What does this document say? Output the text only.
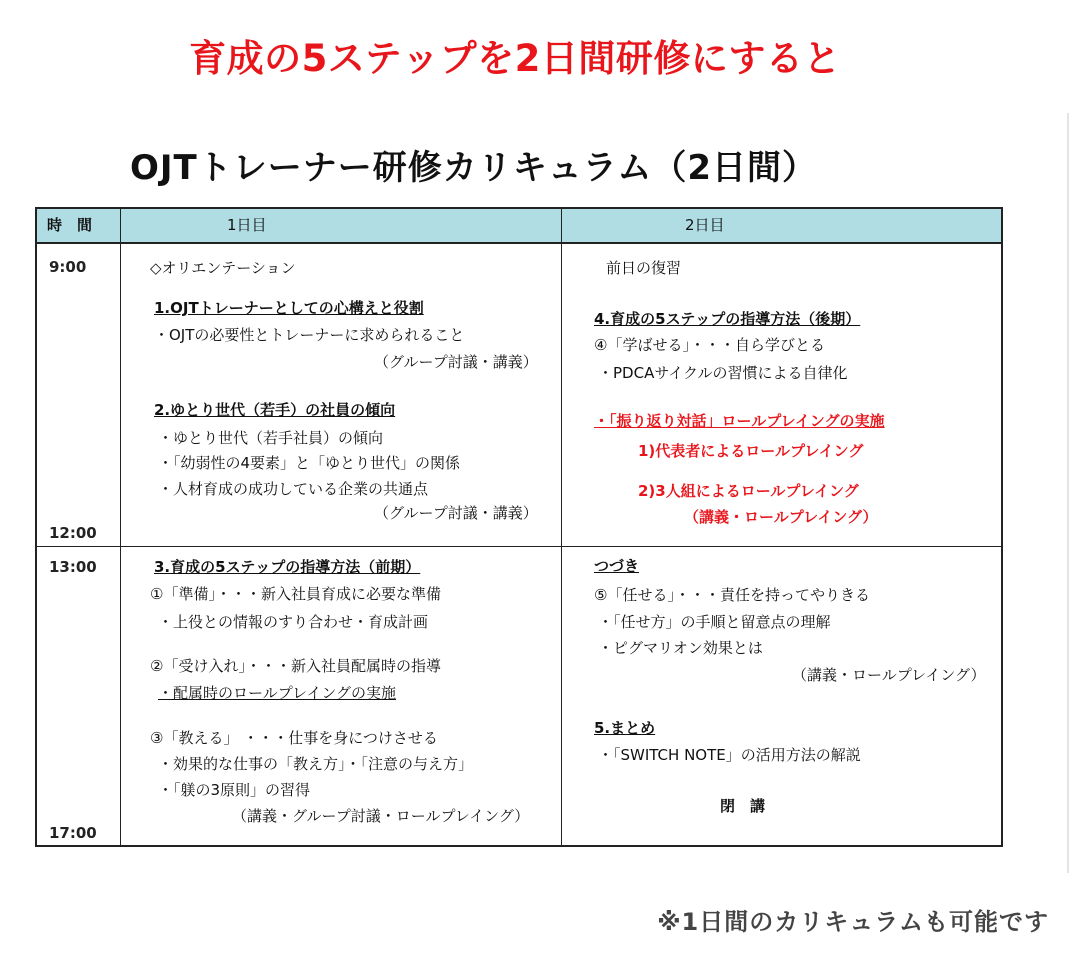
育成の5ステップを2日間研修にすると
OJTトレーナー研修カリキュラム（2日間）
時　間	1日目	2日目
9:00
12:00
13:00
17:00
◇オリエンテーション
1.OJTトレーナーとしての心構えと役割
・OJTの必要性とトレーナーに求められること
（グループ討議・講義）
2.ゆとり世代（若手）の社員の傾向
・ゆとり世代（若手社員）の傾向
・「幼弱性の4要素」と「ゆとり世代」の関係
・人材育成の成功している企業の共通点
（グループ討議・講義）
前日の復習
4.育成の5ステップの指導方法（後期）
④「学ばせる」・・・自ら学びとる
・PDCAサイクルの習慣による自律化
・「振り返り対話」ロールプレイングの実施
1)代表者によるロールプレイング
2)3人組によるロールプレイング
（講義・ロールプレイング）
3.育成の5ステップの指導方法（前期）
①「準備」・・・新入社員育成に必要な準備
・上役との情報のすり合わせ・育成計画
②「受け入れ」・・・新入社員配属時の指導
・配属時のロールプレイングの実施
③「教える」 ・・・仕事を身につけさせる
・効果的な仕事の「教え方」・「注意の与え方」
・「躾の3原則」の習得
（講義・グループ討議・ロールプレイング）
つづき
⑤「任せる」・・・責任を持ってやりきる
・「任せ方」の手順と留意点の理解
・ピグマリオン効果とは
（講義・ロールプレイング）
5.まとめ
・「SWITCH NOTE」の活用方法の解説
閉　講
※1日間のカリキュラムも可能です
